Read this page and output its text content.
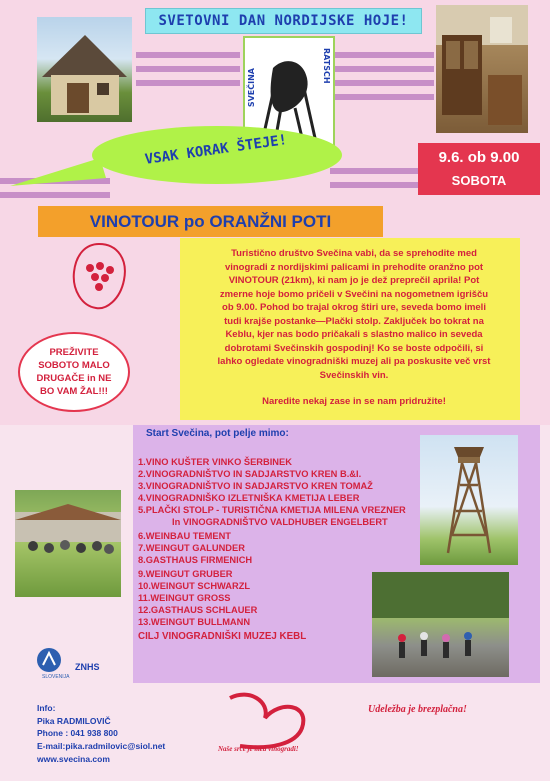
SVEČINA
RATSCH
SVETOVNI DAN NORDIJSKE HOJE!
VSAK KORAK ŠTEJE!	9.6. ob 9.00
SOBOTA
VINOTOUR po ORANŽNI POTI
Turistično društvo Svečina vabi, da se sprehodite med
vinogradi z nordijskimi palicami in prehodite oranžno pot
VINOTOUR (21km), ki nam jo je dež preprečil aprila! Pot
zmerne hoje bomo pričeli v Svečini na nogometnem igrišču
ob 9.00. Pohod bo trajal okrog štiri ure, seveda bomo imeli
tudi krajše postanke—Plački stolp. Zaključek bo tokrat na
Keblu, kjer nas bodo pričakali s slastno malico in seveda
dobrotami Svečinskih gospodinj! Ko se boste odpočili, si
lahko ogledate vinogradniški muzej ali pa poskusite več vrst
Svečinskih vin.
Naredite nekaj zase in se nam pridružite!
PREŽIVITE
SOBOTO MALO
DRUGAČE in NE
BO VAM ŽAL!!!
Start Svečina, pot pelje mimo:
1.VINO KUŠTER VINKO ŠERBINEK
2.VINOGRADNIŠTVO IN SADJARSTVO KREN B.&I.
3.VINOGRADNIŠTVO IN SADJARSTVO KREN TOMAŽ
4.VINOGRADNIŠKO IZLETNIŠKA KMETIJA LEBER
5.PLAČKI STOLP - TURISTIČNA KMETIJA MILENA VREZNER
In VINOGRADNIŠTVO VALDHUBER ENGELBERT
6.WEINBAU TEMENT
7.WEINGUT GALUNDER
8.GASTHAUS FIRMENICH
9.WEINGUT GRUBER
10.WEINGUT SCHWARZL
11.WEINGUT GROSS
12.GASTHAUS SCHLAUER
13.WEINGUT BULLMANN
CILJ VINOGRADNIŠKI MUZEJ KEBL
ZNHS
SLOVENIJA
Info:
Pika RADMILOVIČ
Phone : 041 938 800
E-mail:pika.radmilovic@siol.net
www.svecina.com
Naše srce je med vinogradi!
Udeležba je brezplačna!
